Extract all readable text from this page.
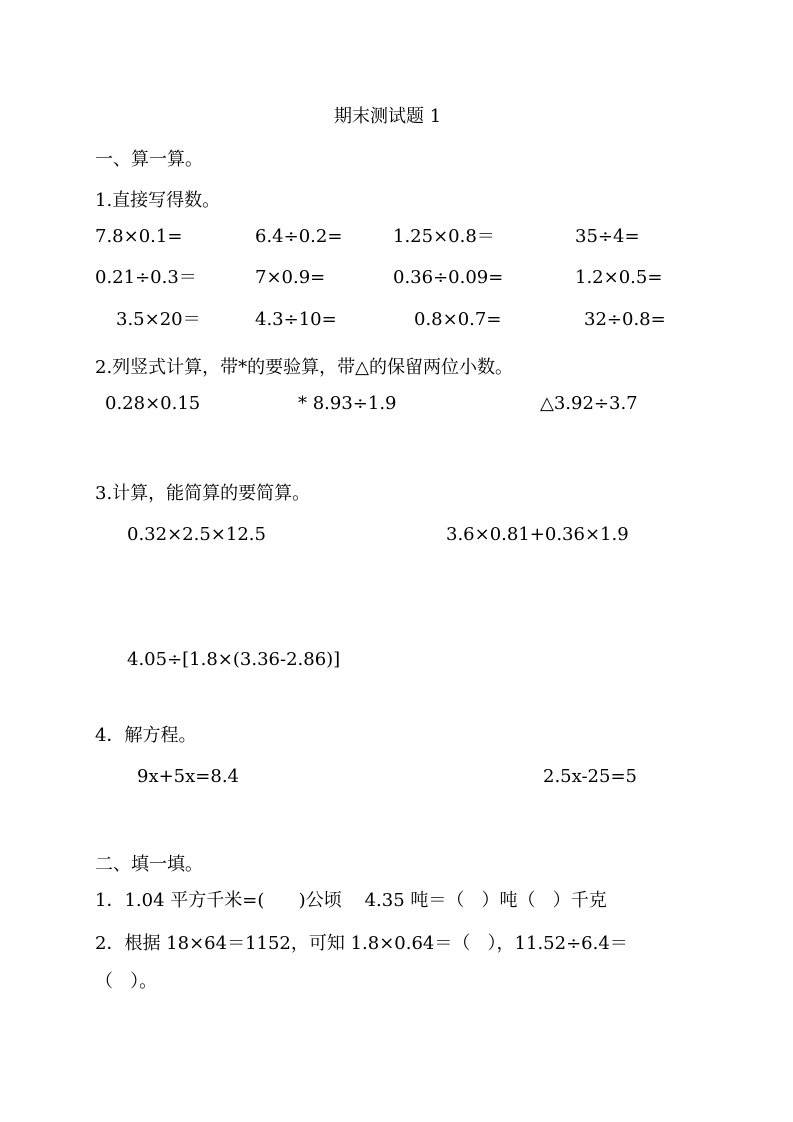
期末测试题 1
一、算一算。
1.直接写得数。
7.8×0.1=	6.4÷0.2=	1.25×0.8＝	35÷4=
0.21÷0.3＝	7×0.9=	0.36÷0.09=	1.2×0.5=
3.5×20＝	4.3÷10=	0.8×0.7=	32÷0.8=
2.列竖式计算，带*的要验算，带△的保留两位小数。
0.28×0.15	* 8.93÷1.9	△3.92÷3.7
3.计算，能简算的要简算。
0.32×2.5×12.5	3.6×0.81+0.36×1.9
4.05÷[1.8×(3.36-2.86)]
4．解方程。
9x+5x=8.4	2.5x-25=5
二、填一填。
1．1.04 平方千米=(      )公顷    4.35 吨＝（   ）吨（   ）千克
2．根据 18×64＝1152，可知 1.8×0.64＝（   ），11.52÷6.4＝
（   ）。
